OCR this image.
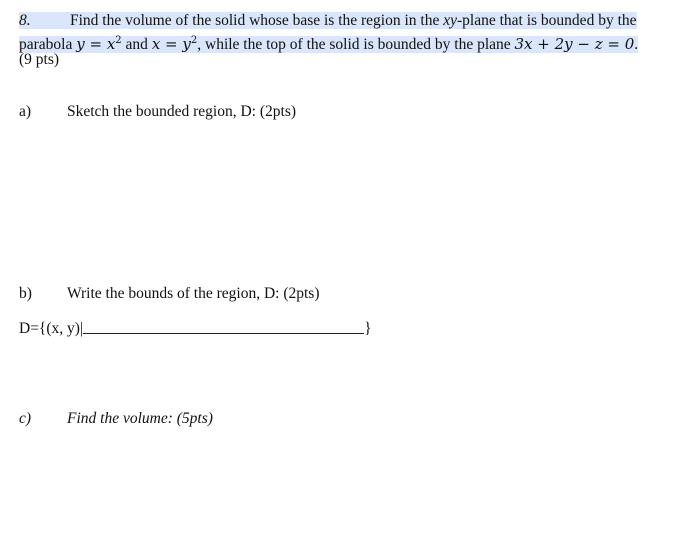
8.	Find the volume of the solid whose base is the region in the xy-plane that is bounded by the
parabola $y = x^2$ and $x = y^2$, while the top of the solid is bounded by the plane 3x + 2y − z = 0.
(9 pts)
a) Sketch the bounded region, D: (2pts)
b) Write the bounds of the region, D: (2pts)
D={(x, y)|	}
c) Find the volume: (5pts)
